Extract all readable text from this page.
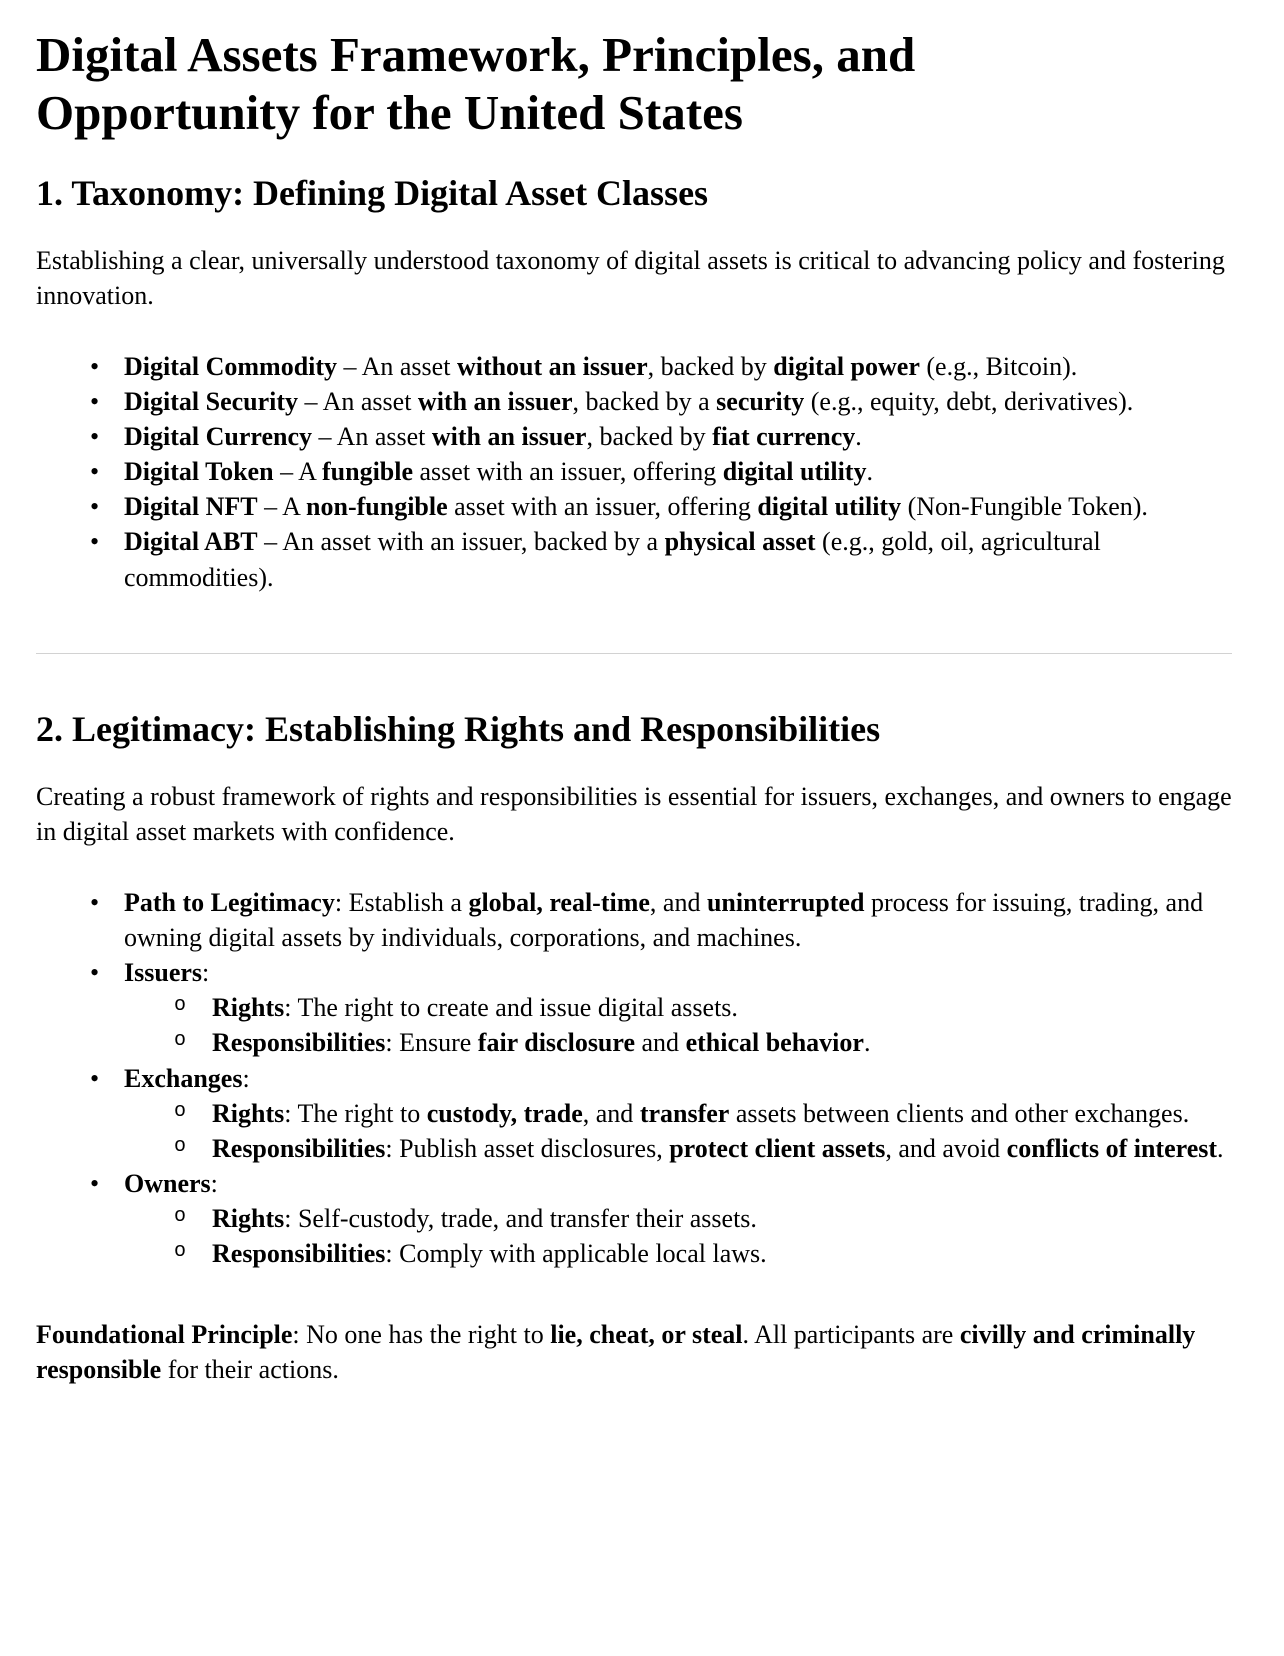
Digital Assets Framework, Principles, and Opportunity for the United States
1. Taxonomy: Defining Digital Asset Classes

Establishing a clear, universally understood taxonomy of digital assets is critical to advancing policy and fostering innovation.

• Digital Commodity – An asset without an issuer, backed by digital power (e.g., Bitcoin).
• Digital Security – An asset with an issuer, backed by a security (e.g., equity, debt, derivatives).
• Digital Currency – An asset with an issuer, backed by fiat currency.
• Digital Token – A fungible asset with an issuer, offering digital utility.
• Digital NFT – A non-fungible asset with an issuer, offering digital utility (Non-Fungible Token).
• Digital ABT – An asset with an issuer, backed by a physical asset (e.g., gold, oil, agricultural commodities).
2. Legitimacy: Establishing Rights and Responsibilities

Creating a robust framework of rights and responsibilities is essential for issuers, exchanges, and owners to engage in digital asset markets with confidence.

• Path to Legitimacy: Establish a global, real-time, and uninterrupted process for issuing, trading, and owning digital assets by individuals, corporations, and machines.
• Issuers:
o Rights: The right to create and issue digital assets.
o Responsibilities: Ensure fair disclosure and ethical behavior.
• Exchanges:
o Rights: The right to custody, trade, and transfer assets between clients and other exchanges.
o Responsibilities: Publish asset disclosures, protect client assets, and avoid conflicts of interest.
• Owners:
o Rights: Self-custody, trade, and transfer their assets.
o Responsibilities: Comply with applicable local laws.

Foundational Principle: No one has the right to lie, cheat, or steal. All participants are civilly and criminally responsible for their actions.
